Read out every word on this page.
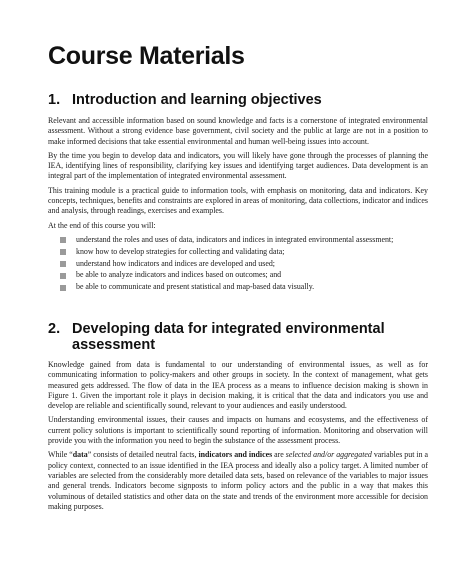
Course Materials
1. Introduction and learning objectives

Relevant and accessible information based on sound knowledge and facts is a cornerstone of integrated environmental assessment. Without a strong evidence base government, civil society and the public at large are not in a position to make informed decisions that take essential environmental and human well-being issues into account.

By the time you begin to develop data and indicators, you will likely have gone through the processes of planning the IEA, identifying lines of responsibility, clarifying key issues and identifying target audiences. Data development is an integral part of the implementation of integrated environmental assessment.

This training module is a practical guide to information tools, with emphasis on monitoring, data and indicators. Key concepts, techniques, benefits and constraints are explored in areas of monitoring, data collections, indicator and indices and analysis, through readings, exercises and examples.

At the end of this course you will:

understand the roles and uses of data, indicators and indices in integrated environmental assessment;
know how to develop strategies for collecting and validating data;
understand how indicators and indices are developed and used;
be able to analyze indicators and indices based on outcomes; and
be able to communicate and present statistical and map-based data visually.
2. Developing data for integrated environmental
assessment

Knowledge gained from data is fundamental to our understanding of environmental issues, as well as for communicating information to policy-makers and other groups in society. In the context of management, what gets measured gets addressed. The flow of data in the IEA process as a means to influence decision making is shown in Figure 1. Given the important role it plays in decision making, it is critical that the data and indicators you use and develop are reliable and scientifically sound, relevant to your audiences and easily understood.

Understanding environmental issues, their causes and impacts on humans and ecosystems, and the effectiveness of current policy solutions is important to scientifically sound reporting of information. Monitoring and observation will provide you with the information you need to begin the substance of the assessment process.

While “data” consists of detailed neutral facts, indicators and indices are selected and/or aggregated variables put in a policy context, connected to an issue identified in the IEA process and ideally also a policy target. A limited number of variables are selected from the considerably more detailed data sets, based on relevance of the variables to major issues and general trends. Indicators become signposts to inform policy actors and the public in a way that makes this voluminous of detailed statistics and other data on the state and trends of the environment more accessible for decision making purposes.
